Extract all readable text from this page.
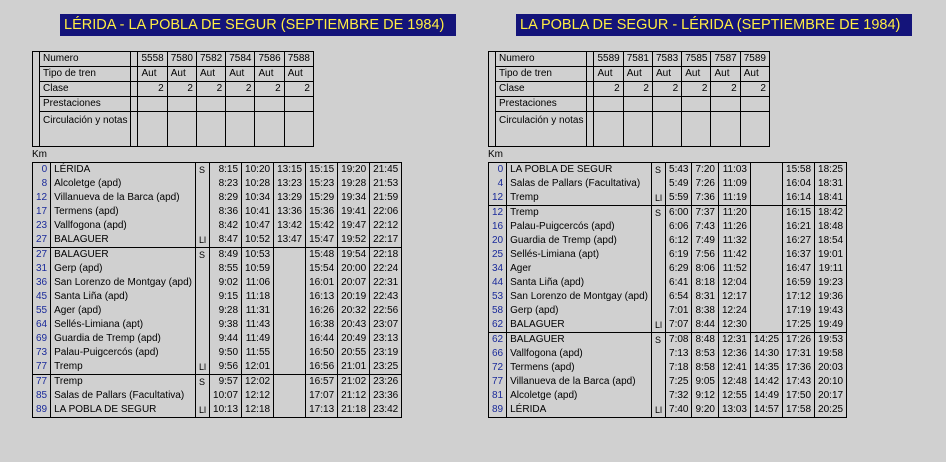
LÉRIDA - LA POBLA DE SEGUR (SEPTIEMBRE DE 1984)
	Numero		5558	7580	7582	7584	7586	7588
	Tipo de tren		Aut	Aut	Aut	Aut	Aut	Aut
	Clase		2	2	2	2	2	2
	Prestaciones							
	Circulación y notas							
Km
0	LÉRIDA	S	8:15	10:20	13:15	15:15	19:20	21:45
8	Alcoletge (apd)		8:23	10:28	13:23	15:23	19:28	21:53
12	Villanueva de la Barca (apd)		8:29	10:34	13:29	15:29	19:34	21:59
17	Termens (apd)		8:36	10:41	13:36	15:36	19:41	22:06
23	Vallfogona (apd)		8:42	10:47	13:42	15:42	19:47	22:12
27	BALAGUER	Ll	8:47	10:52	13:47	15:47	19:52	22:17
27	BALAGUER	S	8:49	10:53		15:48	19:54	22:18
31	Gerp (apd)		8:55	10:59		15:54	20:00	22:24
36	San Lorenzo de Montgay (apd)		9:02	11:06		16:01	20:07	22:31
45	Santa Liña (apd)		9:15	11:18		16:13	20:19	22:43
55	Ager (apd)		9:28	11:31		16:26	20:32	22:56
64	Sellés-Limiana (apt)		9:38	11:43		16:38	20:43	23:07
69	Guardia de Tremp (apd)		9:44	11:49		16:44	20:49	23:13
73	Palau-Puigcercós (apd)		9:50	11:55		16:50	20:55	23:19
77	Tremp	Ll	9:56	12:01		16:56	21:01	23:25
77	Tremp	S	9:57	12:02		16:57	21:02	23:26
85	Salas de Pallars (Facultativa)		10:07	12:12		17:07	21:12	23:36
89	LA POBLA DE SEGUR	Ll	10:13	12:18		17:13	21:18	23:42
LA POBLA DE SEGUR - LÉRIDA (SEPTIEMBRE DE 1984)
	Numero		5589	7581	7583	7585	7587	7589
	Tipo de tren		Aut	Aut	Aut	Aut	Aut	Aut
	Clase		2	2	2	2	2	2
	Prestaciones							
	Circulación y notas							
Km
0	LA POBLA DE SEGUR	S	5:43	7:20	11:03		15:58	18:25
4	Salas de Pallars (Facultativa)		5:49	7:26	11:09		16:04	18:31
12	Tremp	Ll	5:59	7:36	11:19		16:14	18:41
12	Tremp	S	6:00	7:37	11:20		16:15	18:42
16	Palau-Puigcercós (apd)		6:06	7:43	11:26		16:21	18:48
20	Guardia de Tremp (apd)		6:12	7:49	11:32		16:27	18:54
25	Sellés-Limiana (apt)		6:19	7:56	11:42		16:37	19:01
34	Ager		6:29	8:06	11:52		16:47	19:11
44	Santa Liña (apd)		6:41	8:18	12:04		16:59	19:23
53	San Lorenzo de Montgay (apd)		6:54	8:31	12:17		17:12	19:36
58	Gerp (apd)		7:01	8:38	12:24		17:19	19:43
62	BALAGUER	Ll	7:07	8:44	12:30		17:25	19:49
62	BALAGUER	S	7:08	8:48	12:31	14:25	17:26	19:53
66	Vallfogona (apd)		7:13	8:53	12:36	14:30	17:31	19:58
72	Termens (apd)		7:18	8:58	12:41	14:35	17:36	20:03
77	Villanueva de la Barca (apd)		7:25	9:05	12:48	14:42	17:43	20:10
81	Alcoletge (apd)		7:32	9:12	12:55	14:49	17:50	20:17
89	LÉRIDA	Ll	7:40	9:20	13:03	14:57	17:58	20:25
